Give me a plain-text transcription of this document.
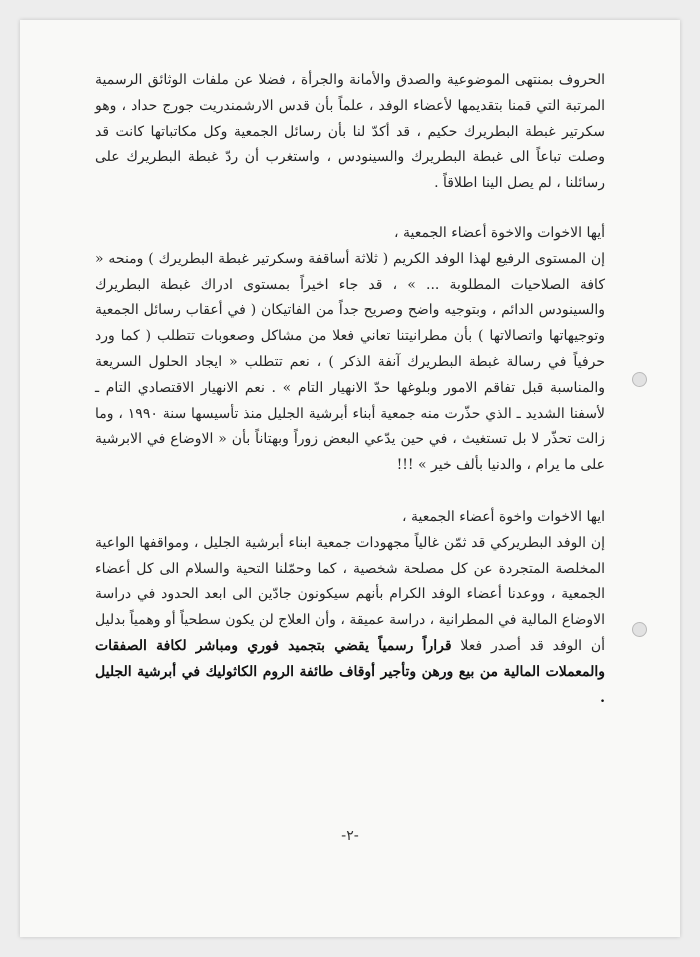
الحروف بمنتهى الموضوعية والصدق والأمانة والجرأة ، فضلا عن ملفات الوثائق الرسمية المرتبة التي قمنا بتقديمها لأعضاء الوفد ، علماً بأن قدس الارشمندريت جورج حداد ، وهو سكرتير غبطة البطريرك حكيم ، قد أكدّ لنا بأن رسائل الجمعية وكل مكاتباتها كانت قد وصلت تباعاً الى غبطة البطريرك والسينودس ، واستغرب أن ردّ غبطة البطريرك على رسائلنا ، لم يصل الينا اطلاقاً .

أيها الاخوات والاخوة أعضاء الجمعية ،

إن المستوى الرفيع لهذا الوفد الكريم ( ثلاثة أساقفة وسكرتير غبطة البطريرك ) ومنحه « كافة الصلاحيات المطلوبة ... » ، قد جاء اخيراً بمستوى ادراك غبطة البطريرك والسينودس الدائم ، وبتوجيه واضح وصريح جداً من الفاتيكان ( في أعقاب رسائل الجمعية وتوجيهاتها واتصالاتها ) بأن مطرانيتنا تعاني فعلا من مشاكل وصعوبات تتطلب ( كما ورد حرفياً في رسالة غبطة البطريرك آنفة الذكر ) ، نعم تتطلب « ايجاد الحلول السريعة والمناسبة قبل تفاقم الامور وبلوغها حدّ الانهيار التام » . نعم الانهيار الاقتصادي التام ـ لأسفنا الشديد ـ الذي حذّرت منه جمعية أبناء أبرشية الجليل منذ تأسيسها سنة ١٩٩٠ ، وما زالت تحذّر لا بل تستغيث ، في حين يدّعي البعض زوراً وبهتاناً بأن « الاوضاع في الابرشية على ما يرام ، والدنيا بألف خير » !!!

ايها الاخوات واخوة أعضاء الجمعية ،

إن الوفد البطريركي قد ثمّن غالياً مجهودات جمعية ابناء أبرشية الجليل ، ومواقفها الواعية المخلصة المتجردة عن كل مصلحة شخصية ، كما وحمّلنا التحية والسلام الى كل أعضاء الجمعية ، ووعدنا أعضاء الوفد الكرام بأنهم سيكونون جادّين الى ابعد الحدود في دراسة الاوضاع المالية في المطرانية ، دراسة عميقة ، وأن العلاج لن يكون سطحياً أو وهمياً بدليل أن الوفد قد أصدر فعلا قراراً رسمياً يقضي بتجميد فوري ومباشر لكافة الصفقات والمعملات المالية من بيع ورهن وتأجير أوقاف طائفة الروم الكاثوليك في أبرشية الجليل .

-٢-
